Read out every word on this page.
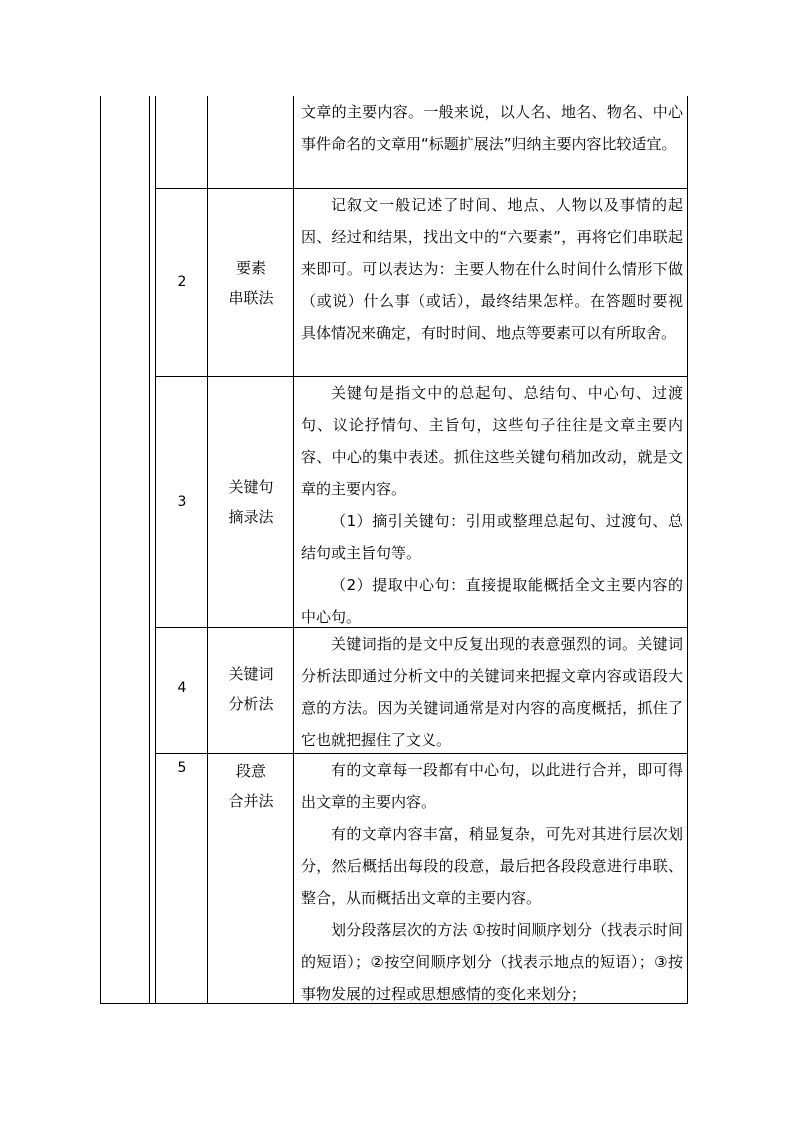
文章的主要内容。一般来说，以人名、地名、物名、中心事件命名的文章用“标题扩展法”归纳主要内容比较适宜。

2
要素
串联法

记叙文一般记述了时间、地点、人物以及事情的起因、经过和结果，找出文中的“六要素”，再将它们串联起来即可。可以表达为：主要人物在什么时间什么情形下做（或说）什么事（或话），最终结果怎样。在答题时要视具体情况来确定，有时时间、地点等要素可以有所取舍。

3
关键句
摘录法

关键句是指文中的总起句、总结句、中心句、过渡句、议论抒情句、主旨句，这些句子往往是文章主要内容、中心的集中表述。抓住这些关键句稍加改动，就是文章的主要内容。

（1）摘引关键句：引用或整理总起句、过渡句、总结句或主旨句等。

（2）提取中心句：直接提取能概括全文主要内容的中心句。

4
关键词
分析法

关键词指的是文中反复出现的表意强烈的词。关键词分析法即通过分析文中的关键词来把握文章内容或语段大意的方法。因为关键词通常是对内容的高度概括，抓住了它也就把握住了文义。

5	段意
合并法

有的文章每一段都有中心句，以此进行合并，即可得出文章的主要内容。

有的文章内容丰富，稍显复杂，可先对其进行层次划分，然后概括出每段的段意，最后把各段段意进行串联、整合，从而概括出文章的主要内容。

划分段落层次的方法 ①按时间顺序划分（找表示时间的短语）；②按空间顺序划分（找表示地点的短语）；③按事物发展的过程或思想感情的变化来划分；
